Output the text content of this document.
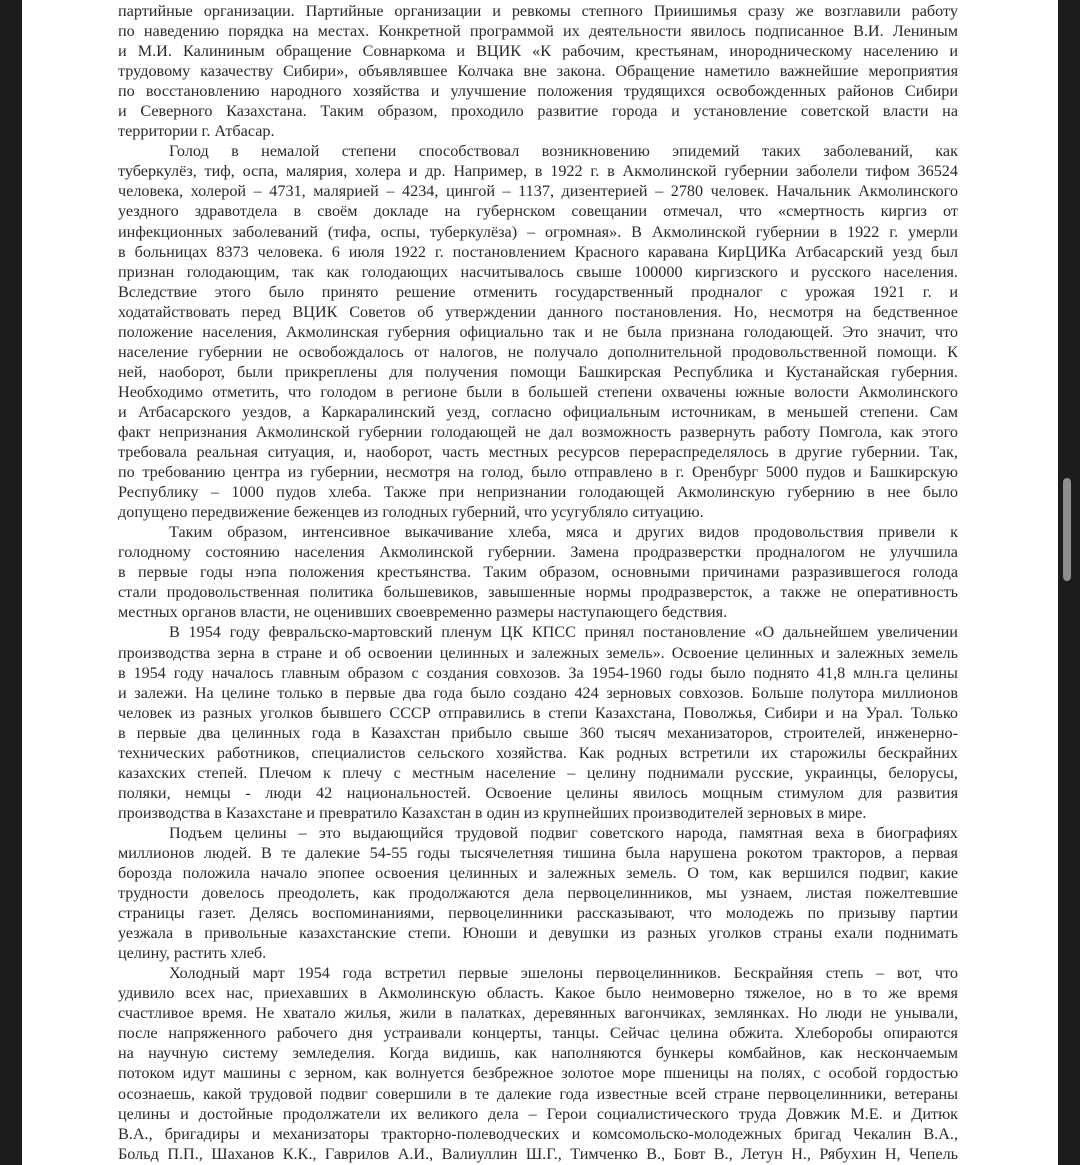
партийные организации. Партийные организации и ревкомы степного Приишимья сразу же возглавили работу
по наведению порядка на местах. Конкретной программой их деятельности явилось подписанное В.И. Лениным
и М.И. Калининым обращение Совнаркома и ВЦИК «К рабочим, крестьянам, инородническому населению и
трудовому казачеству Сибири», объявлявшее Колчака вне закона. Обращение наметило важнейшие мероприятия
по восстановлению народного хозяйства и улучшение положения трудящихся освобожденных районов Сибири
и Северного Казахстана. Таким образом, проходило развитие города и установление советской власти на
территории г. Атбасар.
Голод в немалой степени способствовал возникновению эпидемий таких заболеваний, как
туберкулёз, тиф, оспа, малярия, холера и др. Например, в 1922 г. в Акмолинской губернии заболели тифом 36524
человека, холерой – 4731, малярией – 4234, цингой – 1137, дизентерией – 2780 человек. Начальник Акмолинского
уездного здравотдела в своём докладе на губернском совещании отмечал, что «смертность киргиз от
инфекционных заболеваний (тифа, оспы, туберкулёза) – огромная». В Акмолинской губернии в 1922 г. умерли
в больницах 8373 человека. 6 июля 1922 г. постановлением Красного каравана КирЦИКа Атбасарский уезд был
признан голодающим, так как голодающих насчитывалось свыше 100000 киргизского и русского населения.
Вследствие этого было принято решение отменить государственный продналог с урожая 1921 г. и
ходатайствовать перед ВЦИК Советов об утверждении данного постановления. Но, несмотря на бедственное
положение населения, Акмолинская губерния официально так и не была признана голодающей. Это значит, что
население губернии не освобождалось от налогов, не получало дополнительной продовольственной помощи. К
ней, наоборот, были прикреплены для получения помощи Башкирская Республика и Кустанайская губерния.
Необходимо отметить, что голодом в регионе были в большей степени охвачены южные волости Акмолинского
и Атбасарского уездов, а Каркаралинский уезд, согласно официальным источникам, в меньшей степени. Сам
факт непризнания Акмолинской губернии голодающей не дал возможность развернуть работу Помгола, как этого
требовала реальная ситуация, и, наоборот, часть местных ресурсов перераспределялось в другие губернии. Так,
по требованию центра из губернии, несмотря на голод, было отправлено в г. Оренбург 5000 пудов и Башкирскую
Республику – 1000 пудов хлеба. Также при непризнании голодающей Акмолинскую губернию в нее было
допущено передвижение беженцев из голодных губерний, что усугубляло ситуацию.
Таким образом, интенсивное выкачивание хлеба, мяса и других видов продовольствия привели к
голодному состоянию населения Акмолинской губернии. Замена продразверстки продналогом не улучшила
в первые годы нэпа положения крестьянства. Таким образом, основными причинами разразившегося голода
стали продовольственная политика большевиков, завышенные нормы продразверсток, а также не оперативность
местных органов власти, не оценивших своевременно размеры наступающего бедствия.
В 1954 году февральско-мартовский пленум ЦК КПСС принял постановление «О дальнейшем увеличении
производства зерна в стране и об освоении целинных и залежных земель». Освоение целинных и залежных земель
в 1954 году началось главным образом с создания совхозов. За 1954-1960 годы было поднято 41,8 млн.га целины
и залежи. На целине только в первые два года было создано 424 зерновых совхозов. Больше полутора миллионов
человек из разных уголков бывшего СССР отправились в степи Казахстана, Поволжья, Сибири и на Урал. Только
в первые два целинных года в Казахстан прибыло свыше 360 тысяч механизаторов, строителей, инженерно-
технических работников, специалистов сельского хозяйства. Как родных встретили их старожилы бескрайних
казахских степей. Плечом к плечу с местным население – целину поднимали русские, украинцы, белорусы,
поляки, немцы - люди 42 национальностей. Освоение целины явилось мощным стимулом для развития
производства в Казахстане и превратило Казахстан в один из крупнейших производителей зерновых в мире.
Подъем целины – это выдающийся трудовой подвиг советского народа, памятная веха в биографиях
миллионов людей. В те далекие 54-55 годы тысячелетняя тишина была нарушена рокотом тракторов, а первая
борозда положила начало эпопее освоения целинных и залежных земель. О том, как вершился подвиг, какие
трудности довелось преодолеть, как продолжаются дела первоцелинников, мы узнаем, листая пожелтевшие
страницы газет. Делясь воспоминаниями, первоцелинники рассказывают, что молодежь по призыву партии
уезжала в привольные казахстанские степи. Юноши и девушки из разных уголков страны ехали поднимать
целину, растить хлеб.
Холодный март 1954 года встретил первые эшелоны первоцелинников. Бескрайняя степь – вот, что
удивило всех нас, приехавших в Акмолинскую область. Какое было неимоверно тяжелое, но в то же время
счастливое время. Не хватало жилья, жили в палатках, деревянных вагончиках, землянках. Но люди не унывали,
после напряженного рабочего дня устраивали концерты, танцы. Сейчас целина обжита. Хлеборобы опираются
на научную систему земледелия. Когда видишь, как наполняются бункеры комбайнов, как нескончаемым
потоком идут машины с зерном, как волнуется безбрежное золотое море пшеницы на полях, с особой гордостью
осознаешь, какой трудовой подвиг совершили в те далекие года известные всей стране первоцелинники, ветераны
целины и достойные продолжатели их великого дела – Герои социалистического труда Довжик М.Е. и Дитюк
В.А., бригадиры и механизаторы тракторно-полеводческих и комсомольско-молодежных бригад Чекалин В.А.,
Больд П.П., Шаханов К.К., Гаврилов А.И., Валиуллин Ш.Г., Тимченко В., Бовт В., Летун Н., Рябухин Н, Чепель
